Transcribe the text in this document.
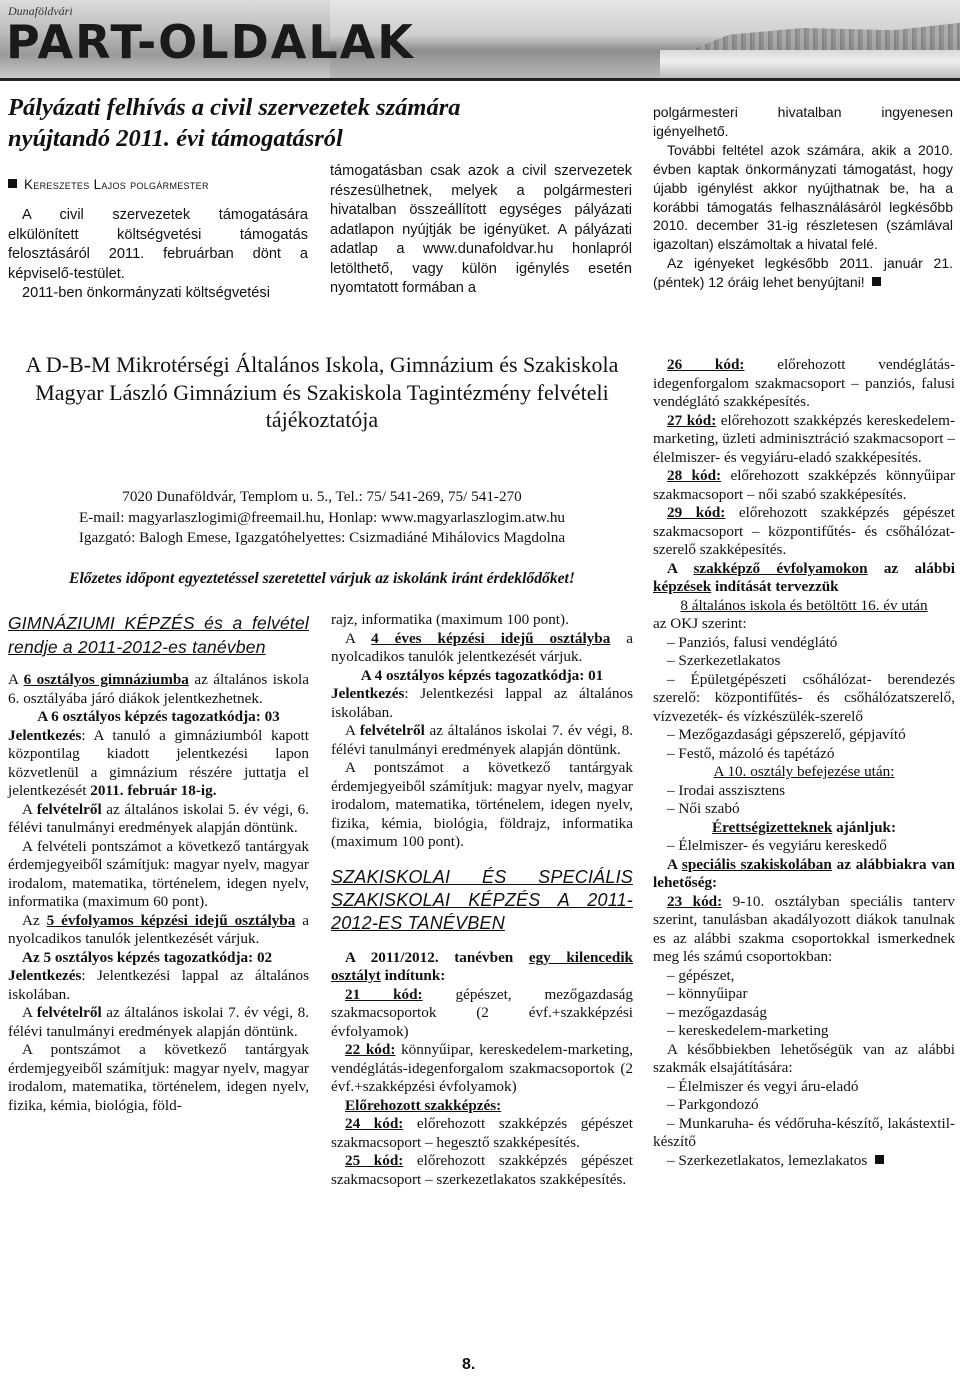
Dunaföldvári
PART-OLDALAK
Pályázati felhívás a civil szervezetek számára nyújtandó 2011. évi támogatásról
Kereszetes Lajos polgármester

A civil szervezetek támogatására elkülönített költségvetési támogatás felosztásáról 2011. februárban dönt a képviselő-testület.

2011-ben önkormányzati költségvetési

támogatásban csak azok a civil szervezetek részesülhetnek, melyek a polgármesteri hivatalban összeállított egységes pályázati adatlapon nyújtják be igényüket. A pályázati adatlap a www.dunafoldvar.hu honlapról letölthető, vagy külön igénylés esetén nyomtatott formában a

polgármesteri hivatalban ingyenesen igényelhető.

További feltétel azok számára, akik a 2010. évben kaptak önkormányzati támogatást, hogy újabb igénylést akkor nyújthatnak be, ha a korábbi támogatás felhasználásáról legkésőbb 2010. december 31-ig részletesen (számlával igazoltan) elszámoltak a hivatal felé.

Az igényeket legkésőbb 2011. január 21. (péntek) 12 óráig lehet benyújtani!

A D-B-M Mikrotérségi Általános Iskola, Gimnázium és Szakiskola
Magyar László Gimnázium és Szakiskola Tagintézmény felvételi tájékoztatója
7020 Dunaföldvár, Templom u. 5., Tel.: 75/ 541-269, 75/ 541-270
E-mail: magyarlaszlogimi@freemail.hu, Honlap: www.magyarlaszlogim.atw.hu
Igazgató: Balogh Emese, Igazgatóhelyettes: Csizmadiáné Mihálovics Magdolna
Előzetes időpont egyeztetéssel szeretettel várjuk az iskolánk iránt érdeklődőket!
GIMNÁZIUMI KÉPZÉS és a felvétel rendje a 2011-2012-es tanévben

A 6 osztályos gimnáziumba az általános iskola 6. osztályába járó diákok jelentkezhetnek.

A 6 osztályos képzés tagozatkódja: 03

Jelentkezés: A tanuló a gimnáziumból kapott központilag kiadott jelentkezési lapon közvetlenül a gimnázium részére juttatja el jelentkezését 2011. február 18-ig.

A felvételről az általános iskolai 5. év végi, 6. félévi tanulmányi eredmények alapján döntünk.

A felvételi pontszámot a következő tantárgyak érdemjegyeiből számítjuk: magyar nyelv, magyar irodalom, matematika, történelem, idegen nyelv, informatika (maximum 60 pont).

Az 5 évfolyamos képzési idejű osztályba a nyolcadikos tanulók jelentkezését várjuk.

Az 5 osztályos képzés tagozatkódja: 02

Jelentkezés: Jelentkezési lappal az általános iskolában.

A felvételről az általános iskolai 7. év végi, 8. félévi tanulmányi eredmények alapján döntünk.

A pontszámot a következő tantárgyak érdemjegyeiből számítjuk: magyar nyelv, magyar irodalom, matematika, történelem, idegen nyelv, fizika, kémia, biológia, föld-

rajz, informatika (maximum 100 pont).

A 4 éves képzési idejű osztályba a nyolcadikos tanulók jelentkezését várjuk.

A 4 osztályos képzés tagozatkódja: 01

Jelentkezés: Jelentkezési lappal az általános iskolában.

A felvételről az általános iskolai 7. év végi, 8. félévi tanulmányi eredmények alapján döntünk.

A pontszámot a következő tantárgyak érdemjegyeiből számítjuk: magyar nyelv, magyar irodalom, matematika, történelem, idegen nyelv, fizika, kémia, biológia, földrajz, informatika (maximum 100 pont).

SZAKISKOLAI ÉS SPECIÁLIS SZAKISKOLAI KÉPZÉS A 2011-2012-ES TANÉVBEN

A 2011/2012. tanévben egy kilencedik osztályt indítunk:

21 kód: gépészet, mezőgazdaság szakmacsoportok (2 évf.+szakképzési évfolyamok)

22 kód: könnyűipar, kereskedelem-marketing, vendéglátás-idegenforgalom szakmacsoportok (2 évf.+szakképzési évfolyamok)

Előrehozott szakképzés:

24 kód: előrehozott szakképzés gépészet szakmacsoport – hegesztő szakképesítés.

25 kód: előrehozott szakképzés gépészet szakmacsoport – szerkezetlakatos szakképesítés.

26 kód: előrehozott vendéglátás-idegenforgalom szakmacsoport – panziós, falusi vendéglátó szakképesítés.

27 kód: előrehozott szakképzés kereskedelem-marketing, üzleti adminisztráció szakmacsoport – élelmiszer- és vegyiáru-eladó szakképesítés.

28 kód: előrehozott szakképzés könnyűipar szakmacsoport – női szabó szakképesítés.

29 kód: előrehozott szakképzés gépészet szakmacsoport – központifűtés- és csőhálózat-szerelő szakképesítés.

A szakképző évfolyamokon az alábbi képzések indítását tervezzük

8 általános iskola és betöltött 16. év után

az OKJ szerint:

– Panziós, falusi vendéglátó

– Szerkezetlakatos

– Épületgépészeti csőhálózat- berendezés szerelő: központifűtés- és csőhálózatszerelő, vízvezeték- és vízkészülék-szerelő

– Mezőgazdasági gépszerelő, gépjavító

– Festő, mázoló és tapétázó

A 10. osztály befejezése után:

– Irodai asszisztens

– Női szabó

Érettségizetteknek ajánljuk:

– Élelmiszer- és vegyiáru kereskedő

A speciális szakiskolában az alábbiakra van lehetőség:

23 kód: 9-10. osztályban speciális tanterv szerint, tanulásban akadályozott diákok tanulnak es az alábbi szakma csoportokkal ismerkednek meg lés számú csoportokban:

– gépészet,

– könnyűipar

– mezőgazdaság

– kereskedelem-marketing

A későbbiekben lehetőségük van az alábbi szakmák elsajátítására:

– Élelmiszer és vegyi áru-eladó

– Parkgondozó

– Munkaruha- és védőruha-készítő, lakástextil-készítő

– Szerkezetlakatos, lemezlakatos

8.
